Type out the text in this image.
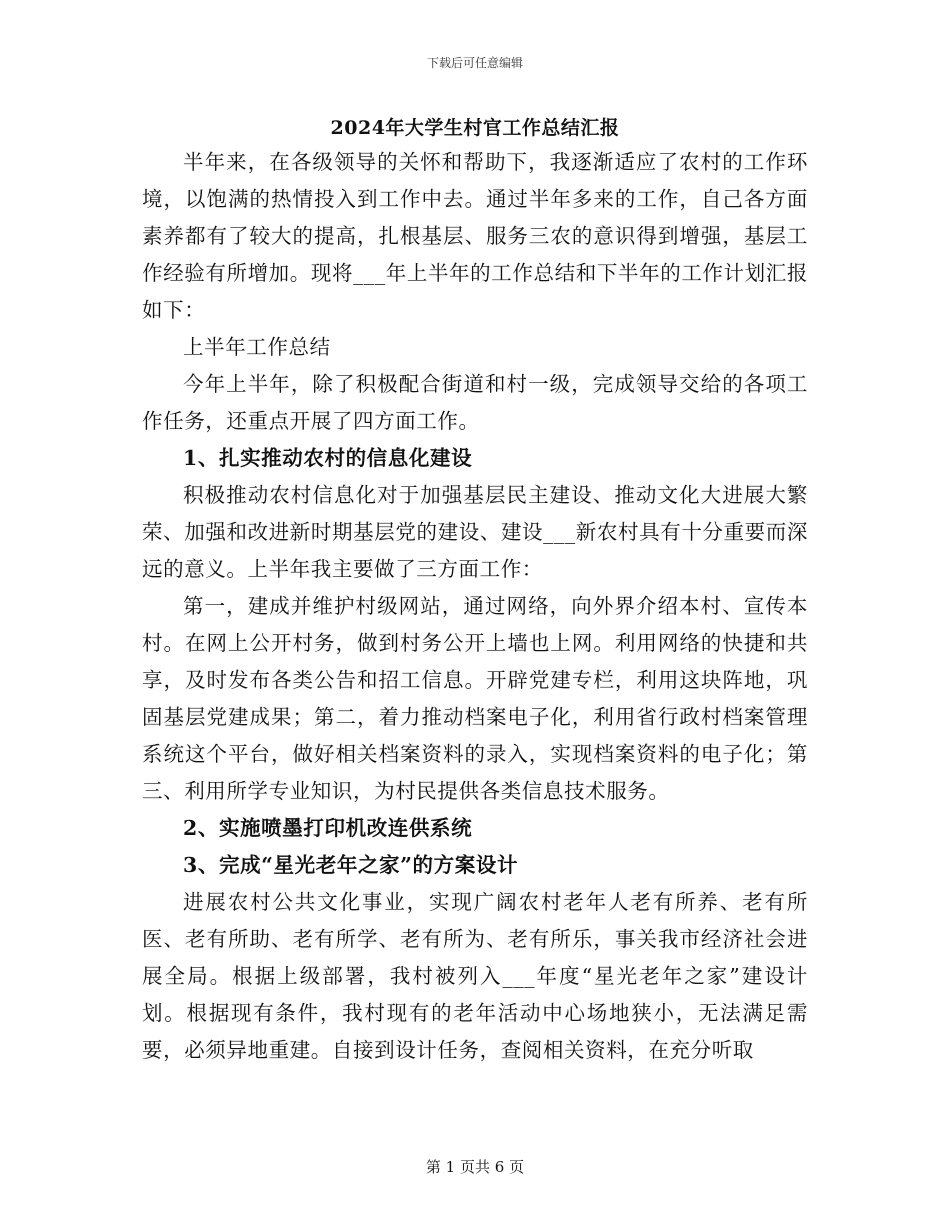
下载后可任意编辑
2024年大学生村官工作总结汇报

半年来，在各级领导的关怀和帮助下，我逐渐适应了农村的工作环境，以饱满的热情投入到工作中去。通过半年多来的工作，自己各方面素养都有了较大的提高，扎根基层、服务三农的意识得到增强，基层工作经验有所增加。现将___年上半年的工作总结和下半年的工作计划汇报如下：

上半年工作总结

今年上半年，除了积极配合街道和村一级，完成领导交给的各项工作任务，还重点开展了四方面工作。

1、扎实推动农村的信息化建设

积极推动农村信息化对于加强基层民主建设、推动文化大进展大繁荣、加强和改进新时期基层党的建设、建设___新农村具有十分重要而深远的意义。上半年我主要做了三方面工作：

第一，建成并维护村级网站，通过网络，向外界介绍本村、宣传本村。在网上公开村务，做到村务公开上墙也上网。利用网络的快捷和共享，及时发布各类公告和招工信息。开辟党建专栏，利用这块阵地，巩固基层党建成果；第二，着力推动档案电子化，利用省行政村档案管理系统这个平台，做好相关档案资料的录入，实现档案资料的电子化；第三、利用所学专业知识，为村民提供各类信息技术服务。

2、实施喷墨打印机改连供系统

3、完成“星光老年之家”的方案设计

进展农村公共文化事业，实现广阔农村老年人老有所养、老有所医、老有所助、老有所学、老有所为、老有所乐，事关我市经济社会进展全局。根据上级部署，我村被列入___年度“星光老年之家”建设计划。根据现有条件，我村现有的老年活动中心场地狭小，无法满足需要，必须异地重建。自接到设计任务，查阅相关资料，在充分听取

第 1 页共 6 页
